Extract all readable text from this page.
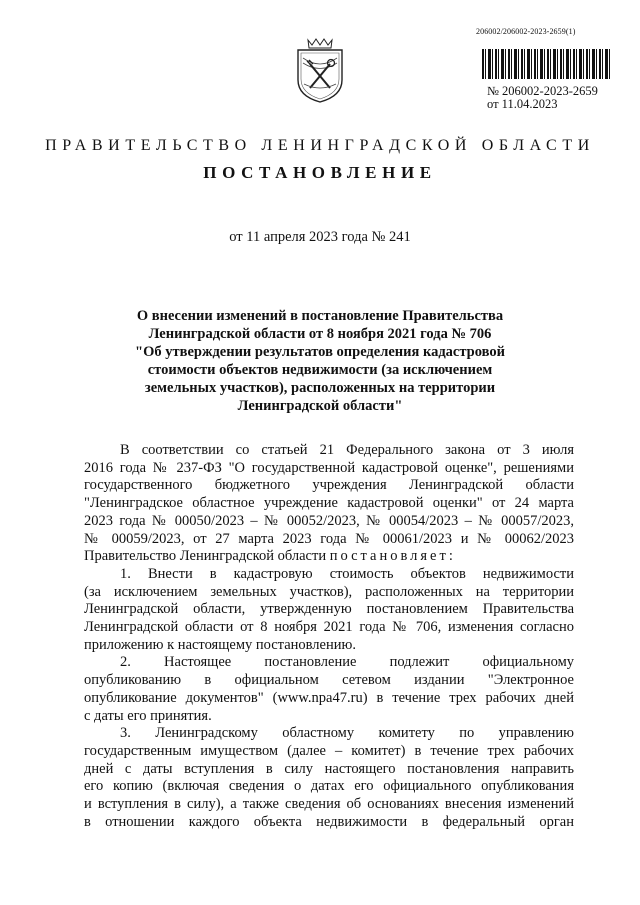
206002/206002-2023-2659(1)
№ 206002-2023-2659
от 11.04.2023
ПРАВИТЕЛЬСТВО ЛЕНИНГРАДСКОЙ ОБЛАСТИ
ПОСТАНОВЛЕНИЕ
от 11 апреля 2023 года № 241
О внесении изменений в постановление Правительства
Ленинградской области от 8 ноября 2021 года № 706
"Об утверждении результатов определения кадастровой
стоимости объектов недвижимости (за исключением
земельных участков), расположенных на территории
Ленинградской области"
В соответствии со статьей 21 Федерального закона от 3 июля
2016 года № 237-ФЗ "О государственной кадастровой оценке", решениями
государственного бюджетного учреждения Ленинградской области
"Ленинградское областное учреждение кадастровой оценки" от 24 марта
2023 года № 00050/2023 – № 00052/2023, № 00054/2023 – № 00057/2023,
№ 00059/2023, от 27 марта 2023 года № 00061/2023 и № 00062/2023
Правительство Ленинградской области постановляет:
1. Внести в кадастровую стоимость объектов недвижимости
(за исключением земельных участков), расположенных на территории
Ленинградской области, утвержденную постановлением Правительства
Ленинградской области от 8 ноября 2021 года № 706, изменения согласно
приложению к настоящему постановлению.
2. Настоящее постановление подлежит официальному
опубликованию в официальном сетевом издании "Электронное
опубликование документов" (www.npa47.ru) в течение трех рабочих дней
с даты его принятия.
3. Ленинградскому областному комитету по управлению
государственным имуществом (далее – комитет) в течение трех рабочих
дней с даты вступления в силу настоящего постановления направить
его копию (включая сведения о датах его официального опубликования
и вступления в силу), а также сведения об основаниях внесения изменений
в отношении каждого объекта недвижимости в федеральный орган
